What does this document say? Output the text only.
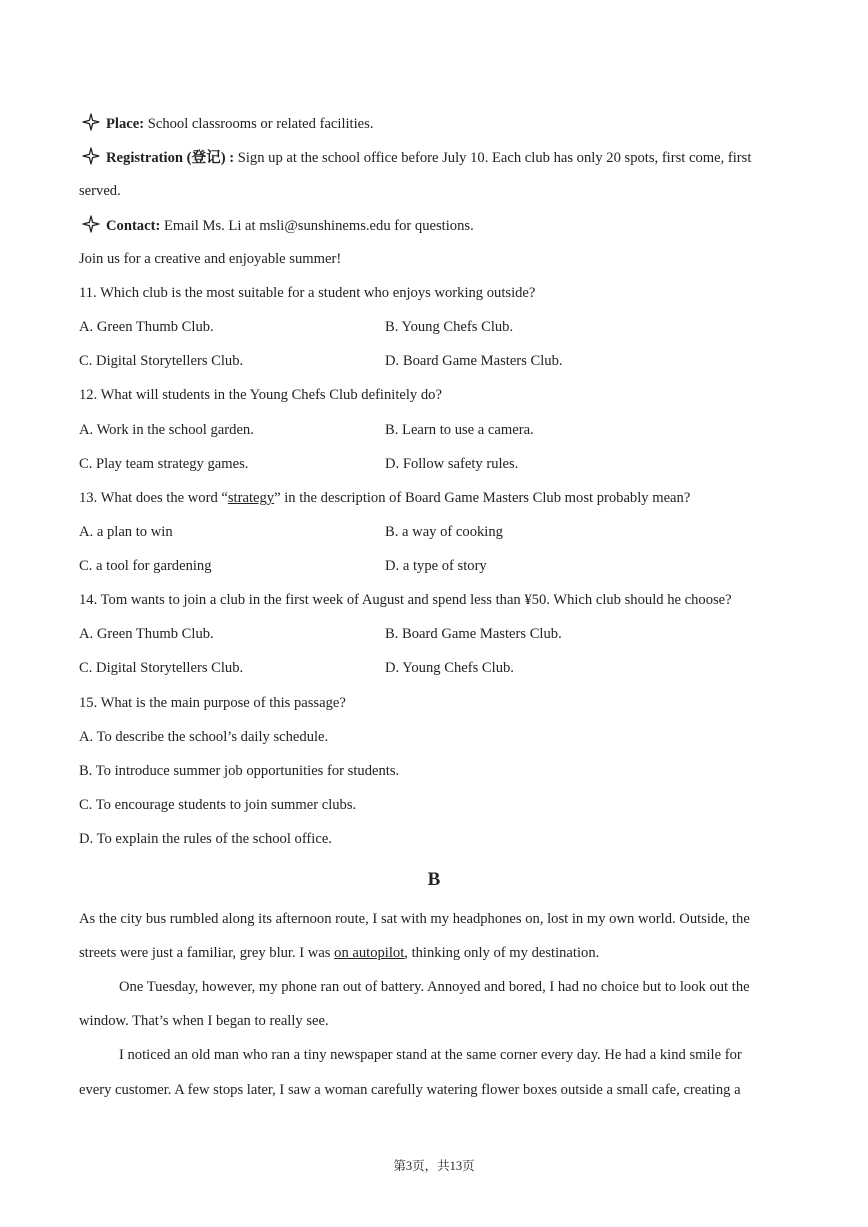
Place: School classrooms or related facilities.
Registration (登记) : Sign up at the school office before July 10. Each club has only 20 spots, first come, first
served.
Contact: Email Ms. Li at msli@sunshinems.edu for questions.
Join us for a creative and enjoyable summer!
11. Which club is the most suitable for a student who enjoys working outside?
A. Green Thumb Club.	B. Young Chefs Club.
C. Digital Storytellers Club.	D. Board Game Masters Club.
12. What will students in the Young Chefs Club definitely do?
A. Work in the school garden.	B. Learn to use a camera.
C. Play team strategy games.	D. Follow safety rules.
13. What does the word “strategy” in the description of Board Game Masters Club most probably mean?
A. a plan to win	B. a way of cooking
C. a tool for gardening	D. a type of story
14. Tom wants to join a club in the first week of August and spend less than ¥50. Which club should he choose?
A. Green Thumb Club.	B. Board Game Masters Club.
C. Digital Storytellers Club.	D. Young Chefs Club.
15. What is the main purpose of this passage?
A. To describe the school’s daily schedule.
B. To introduce summer job opportunities for students.
C. To encourage students to join summer clubs.
D. To explain the rules of the school office.
B
As the city bus rumbled along its afternoon route, I sat with my headphones on, lost in my own world. Outside, the
streets were just a familiar, grey blur. I was on autopilot, thinking only of my destination.
One Tuesday, however, my phone ran out of battery. Annoyed and bored, I had no choice but to look out the
window. That’s when I began to really see.
I noticed an old man who ran a tiny newspaper stand at the same corner every day. He had a kind smile for
every customer. A few stops later, I saw a woman carefully watering flower boxes outside a small cafe, creating a
第3页，共13页
